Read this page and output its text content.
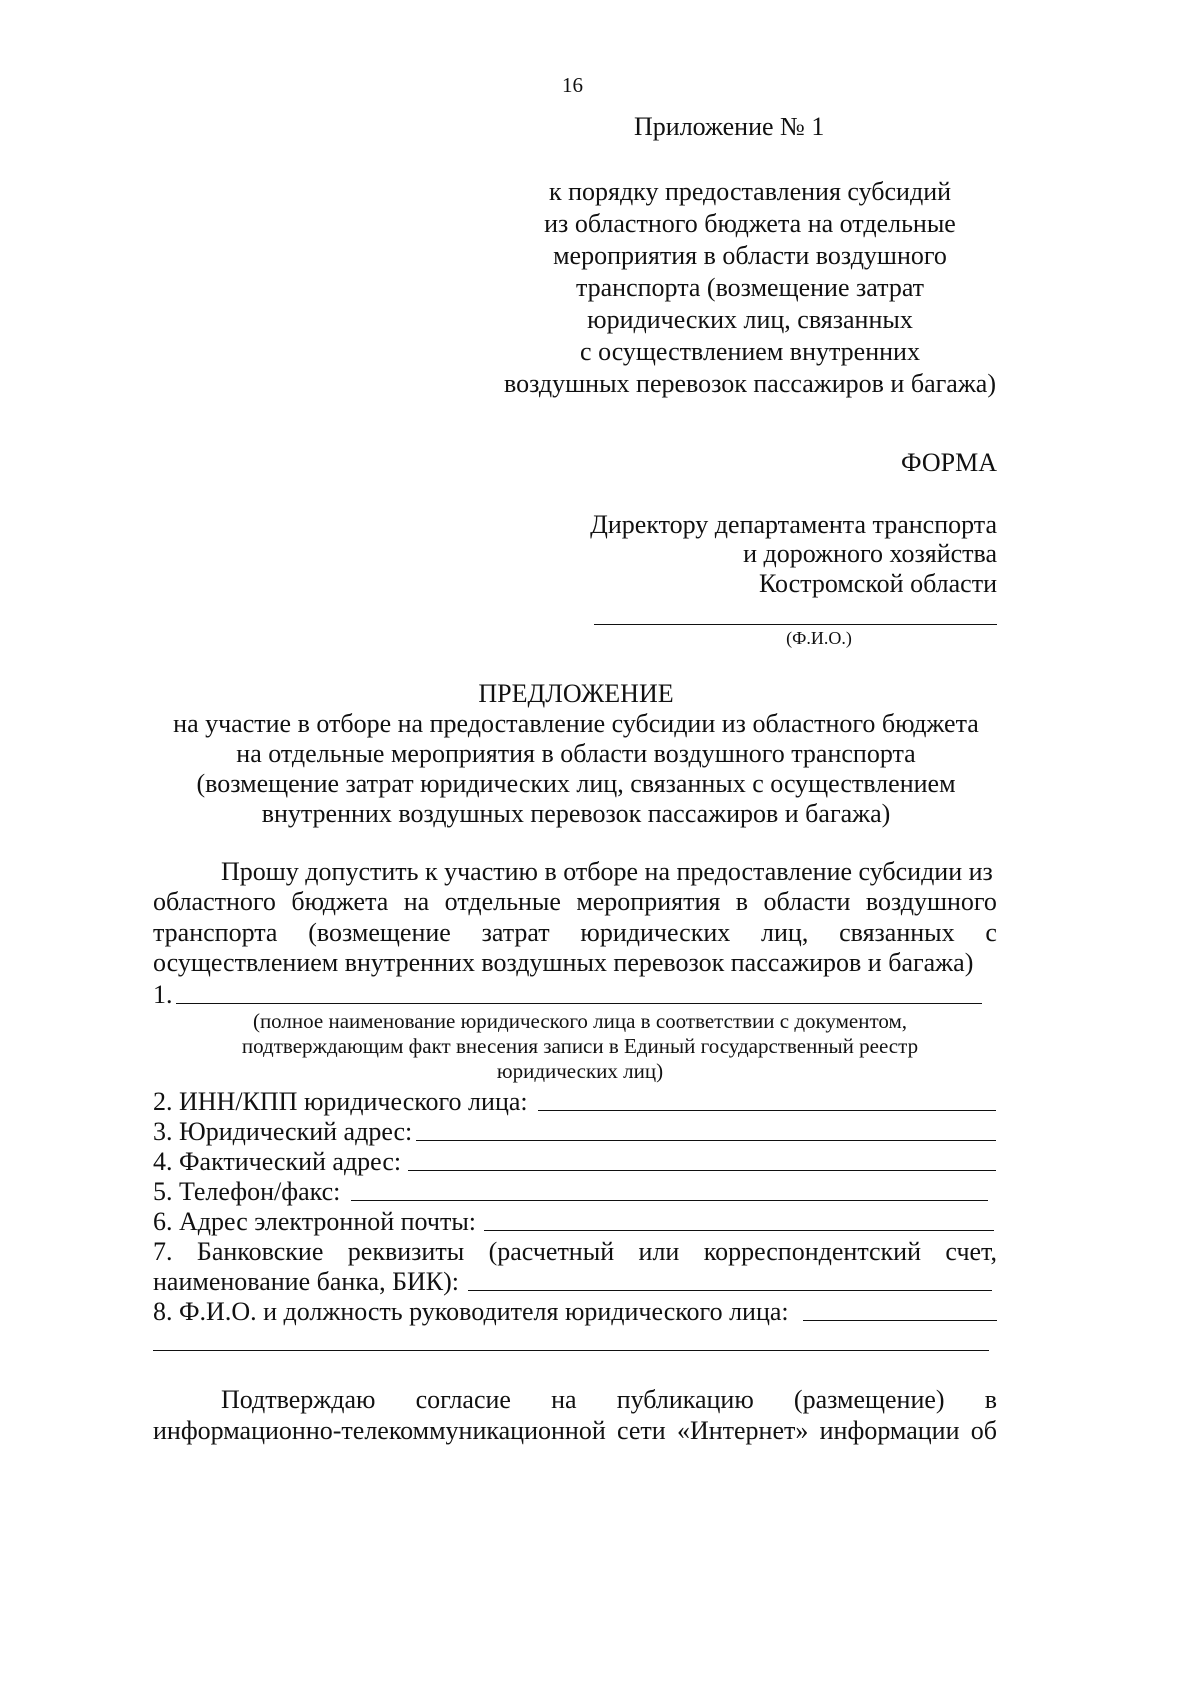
16
Приложение № 1
к порядку предоставления субсидий
из областного бюджета на отдельные
мероприятия в области воздушного
транспорта (возмещение затрат
юридических лиц, связанных
с осуществлением внутренних
воздушных перевозок пассажиров и багажа)
ФОРМА
Директору департамента транспорта
и дорожного хозяйства
Костромской области
(Ф.И.О.)
ПРЕДЛОЖЕНИЕ
на участие в отборе на предоставление субсидии из областного бюджета
на отдельные мероприятия в области воздушного транспорта
(возмещение затрат юридических лиц, связанных с осуществлением
внутренних воздушных перевозок пассажиров и багажа)
Прошу допустить к участию в отборе на предоставление субсидии из
областного бюджета на отдельные мероприятия в области воздушного
транспорта (возмещение затрат юридических лиц, связанных с
осуществлением внутренних воздушных перевозок пассажиров и багажа)
1.
(полное наименование юридического лица в соответствии с документом,
подтверждающим факт внесения записи в Единый государственный реестр
юридических лиц)
2. ИНН/КПП юридического лица:
3. Юридический адрес:
4. Фактический адрес:
5. Телефон/факс:
6. Адрес электронной почты:
7. Банковские реквизиты (расчетный или корреспондентский счет,
наименование банка, БИК):
8. Ф.И.О. и должность руководителя юридического лица:
Подтверждаю согласие на публикацию (размещение) в
информационно-телекоммуникационной сети «Интернет» информации об
